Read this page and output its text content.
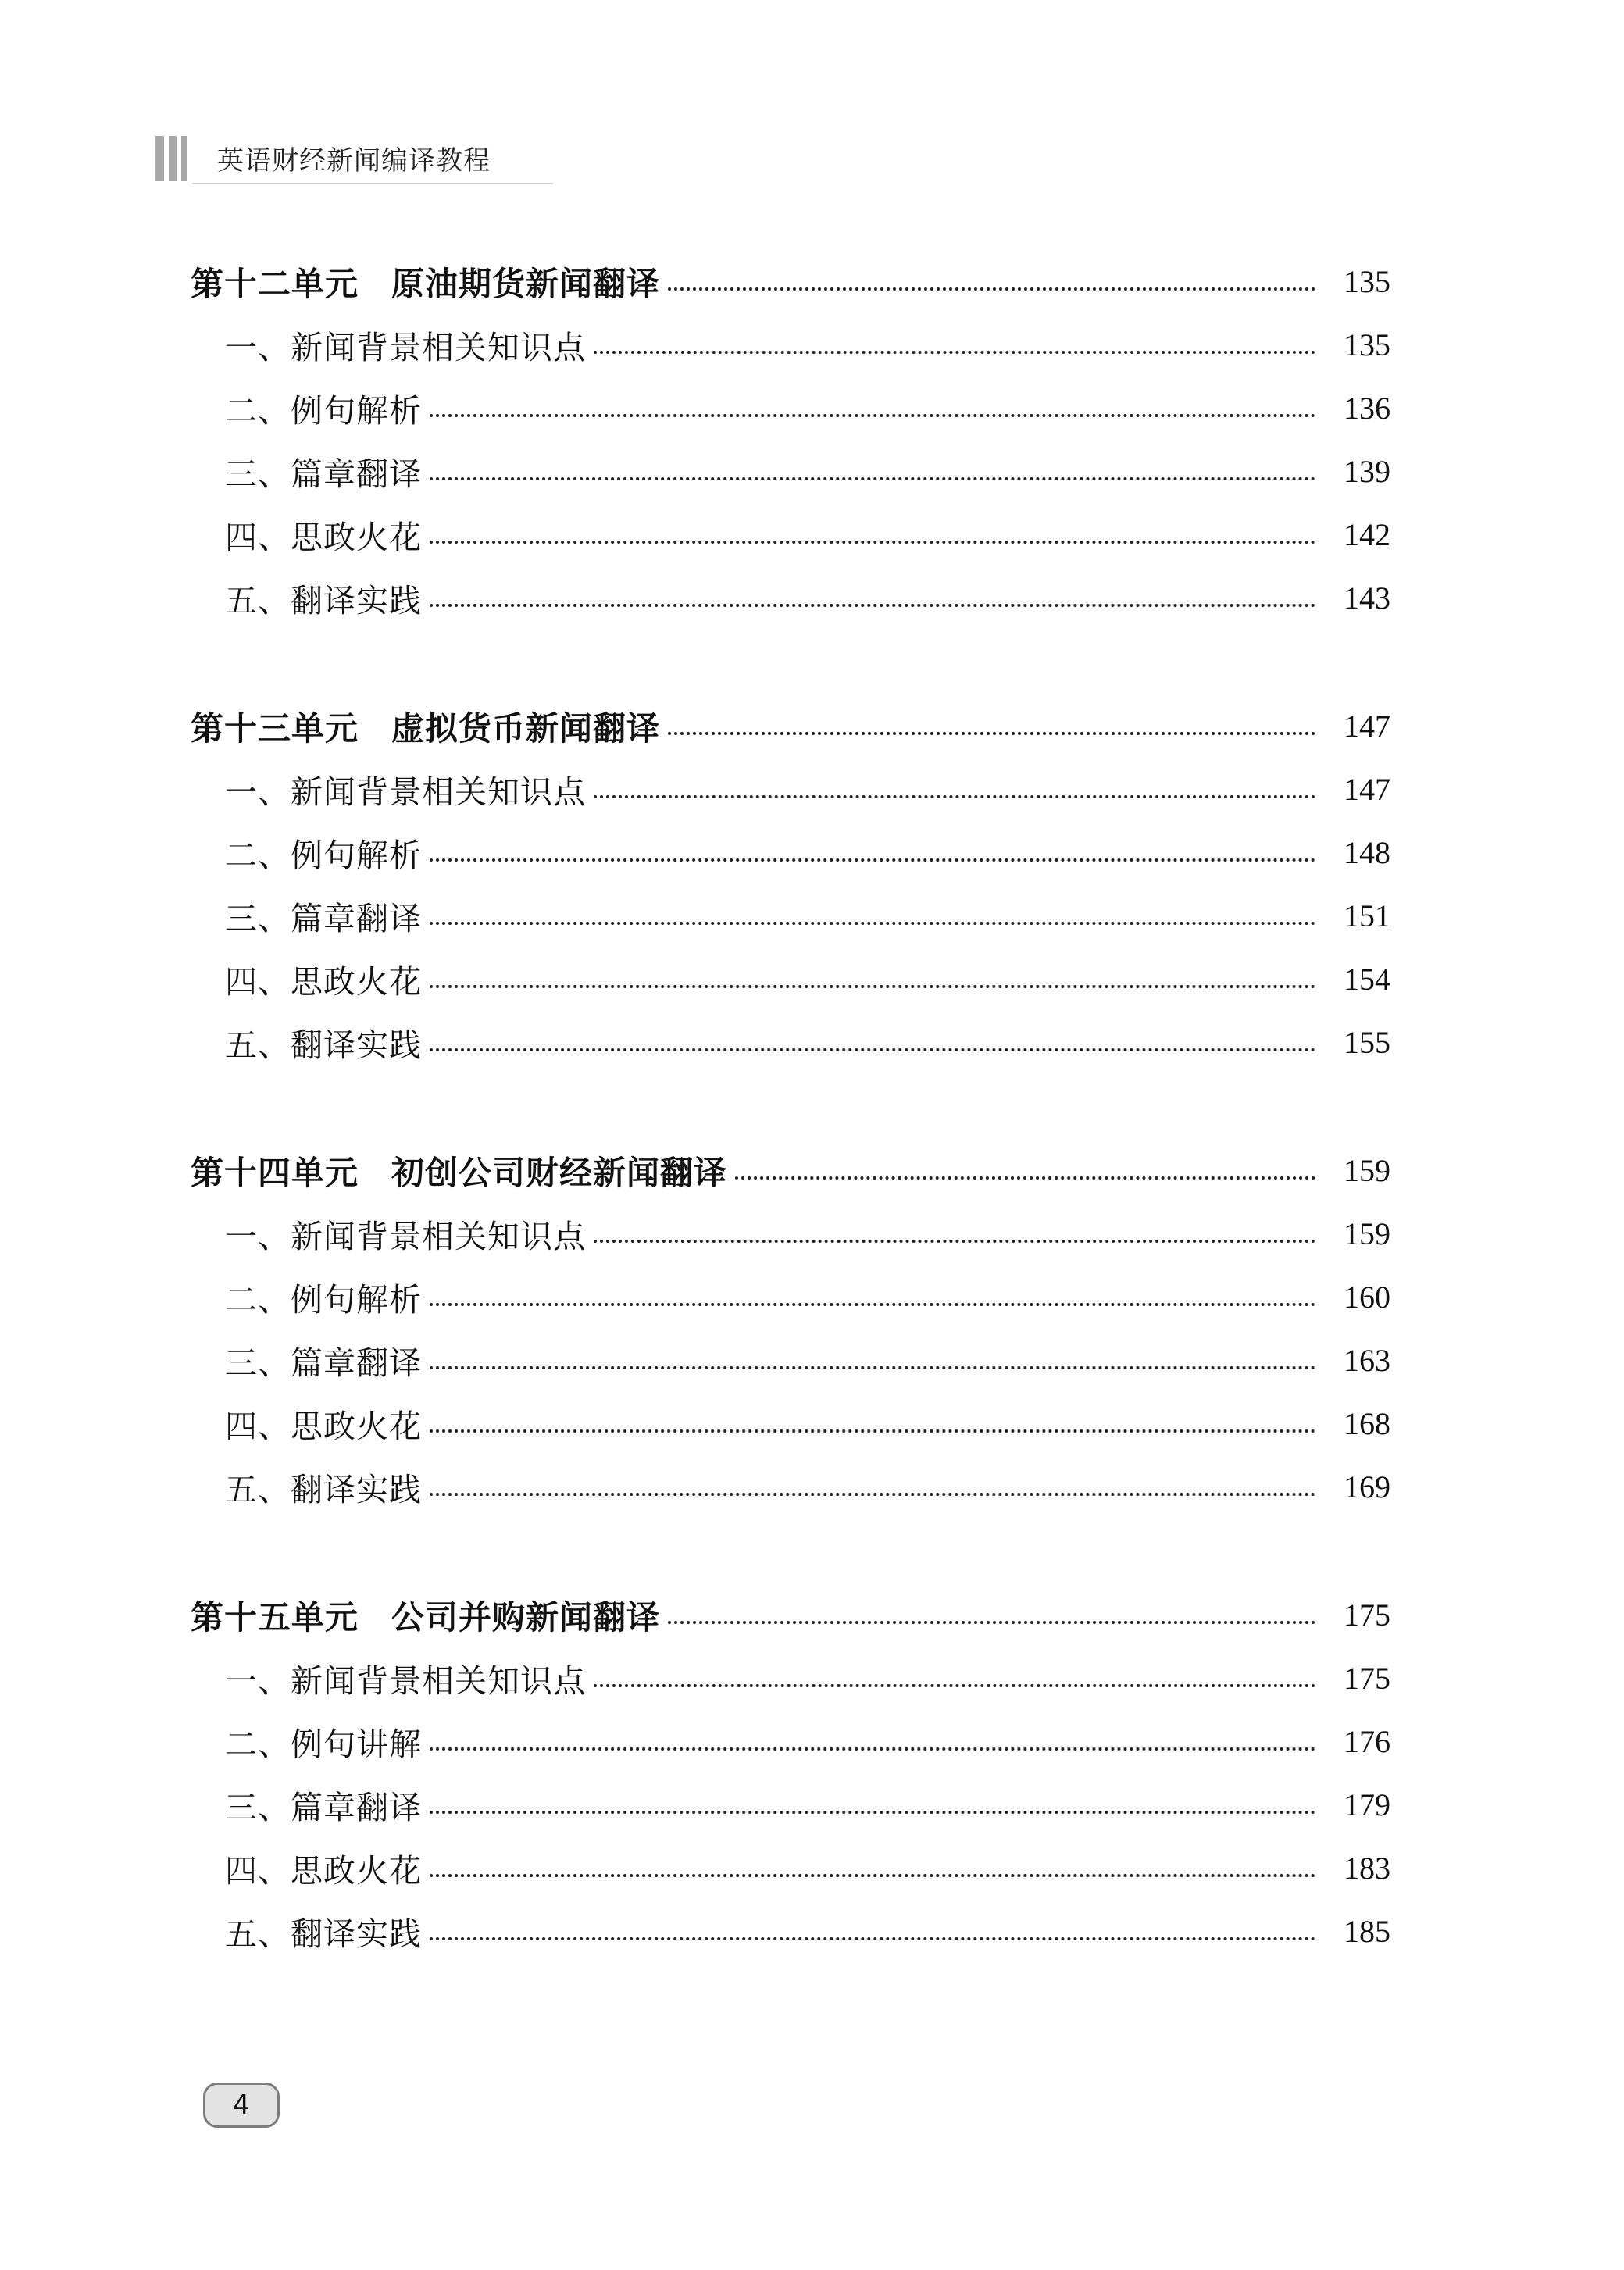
英语财经新闻编译教程
第十二单元 原油期货新闻翻译	135
一、新闻背景相关知识点	135
二、例句解析	136
三、篇章翻译	139
四、思政火花	142
五、翻译实践	143
第十三单元 虚拟货币新闻翻译	147
一、新闻背景相关知识点	147
二、例句解析	148
三、篇章翻译	151
四、思政火花	154
五、翻译实践	155
第十四单元 初创公司财经新闻翻译	159
一、新闻背景相关知识点	159
二、例句解析	160
三、篇章翻译	163
四、思政火花	168
五、翻译实践	169
第十五单元 公司并购新闻翻译	175
一、新闻背景相关知识点	175
二、例句讲解	176
三、篇章翻译	179
四、思政火花	183
五、翻译实践	185
4
